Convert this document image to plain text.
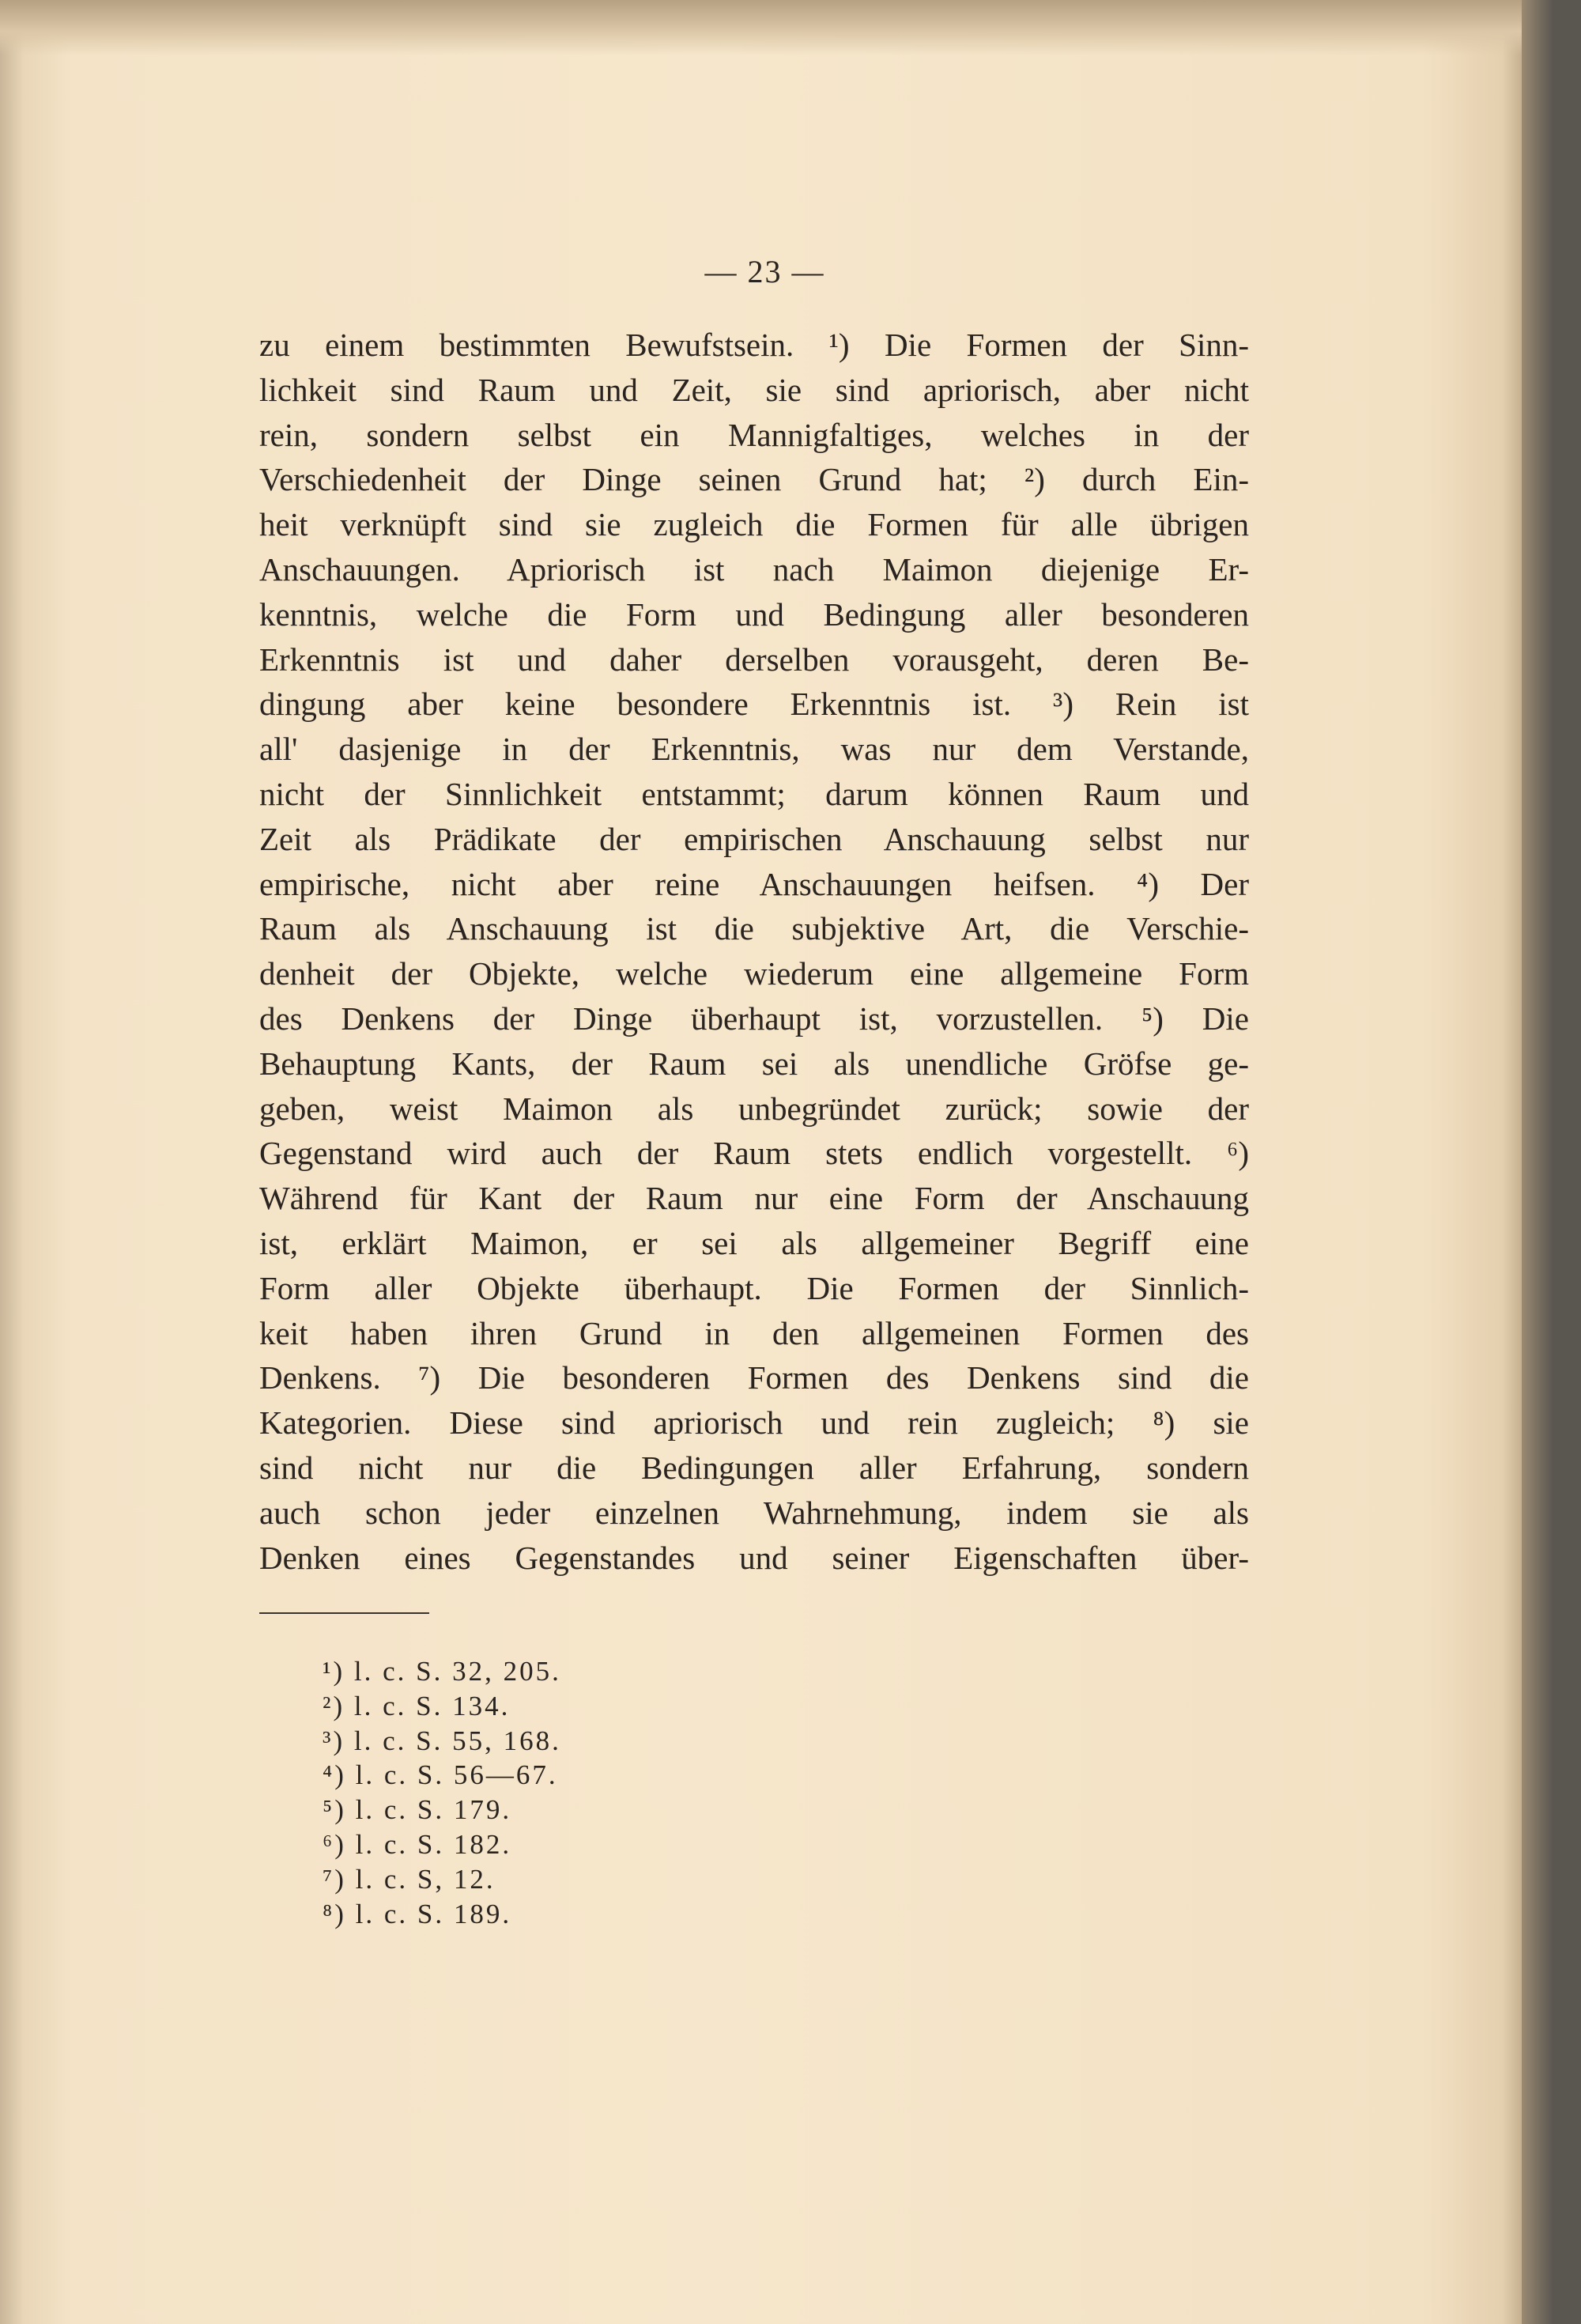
— 23 —
zu einem bestimmten Bewufstsein. ¹) Die Formen der Sinn-
lichkeit sind Raum und Zeit, sie sind apriorisch, aber nicht
rein, sondern selbst ein Mannigfaltiges, welches in der
Verschiedenheit der Dinge seinen Grund hat; ²) durch Ein-
heit verknüpft sind sie zugleich die Formen für alle übrigen
Anschauungen. Apriorisch ist nach Maimon diejenige Er-
kenntnis, welche die Form und Bedingung aller besonderen
Erkenntnis ist und daher derselben vorausgeht, deren Be-
dingung aber keine besondere Erkenntnis ist. ³) Rein ist
all' dasjenige in der Erkenntnis, was nur dem Verstande,
nicht der Sinnlichkeit entstammt; darum können Raum und
Zeit als Prädikate der empirischen Anschauung selbst nur
empirische, nicht aber reine Anschauungen heifsen. ⁴) Der
Raum als Anschauung ist die subjektive Art, die Verschie-
denheit der Objekte, welche wiederum eine allgemeine Form
des Denkens der Dinge überhaupt ist, vorzustellen. ⁵) Die
Behauptung Kants, der Raum sei als unendliche Gröfse ge-
geben, weist Maimon als unbegründet zurück; sowie der
Gegenstand wird auch der Raum stets endlich vorgestellt. ⁶)
Während für Kant der Raum nur eine Form der Anschauung
ist, erklärt Maimon, er sei als allgemeiner Begriff eine
Form aller Objekte überhaupt. Die Formen der Sinnlich-
keit haben ihren Grund in den allgemeinen Formen des
Denkens. ⁷) Die besonderen Formen des Denkens sind die
Kategorien. Diese sind apriorisch und rein zugleich; ⁸) sie
sind nicht nur die Bedingungen aller Erfahrung, sondern
auch schon jeder einzelnen Wahrnehmung, indem sie als
Denken eines Gegenstandes und seiner Eigenschaften über-
¹) l. c. S. 32, 205.
²) l. c. S. 134.
³) l. c. S. 55, 168.
⁴) l. c. S. 56—67.
⁵) l. c. S. 179.
⁶) l. c. S. 182.
⁷) l. c. S, 12.
⁸) l. c. S. 189.
